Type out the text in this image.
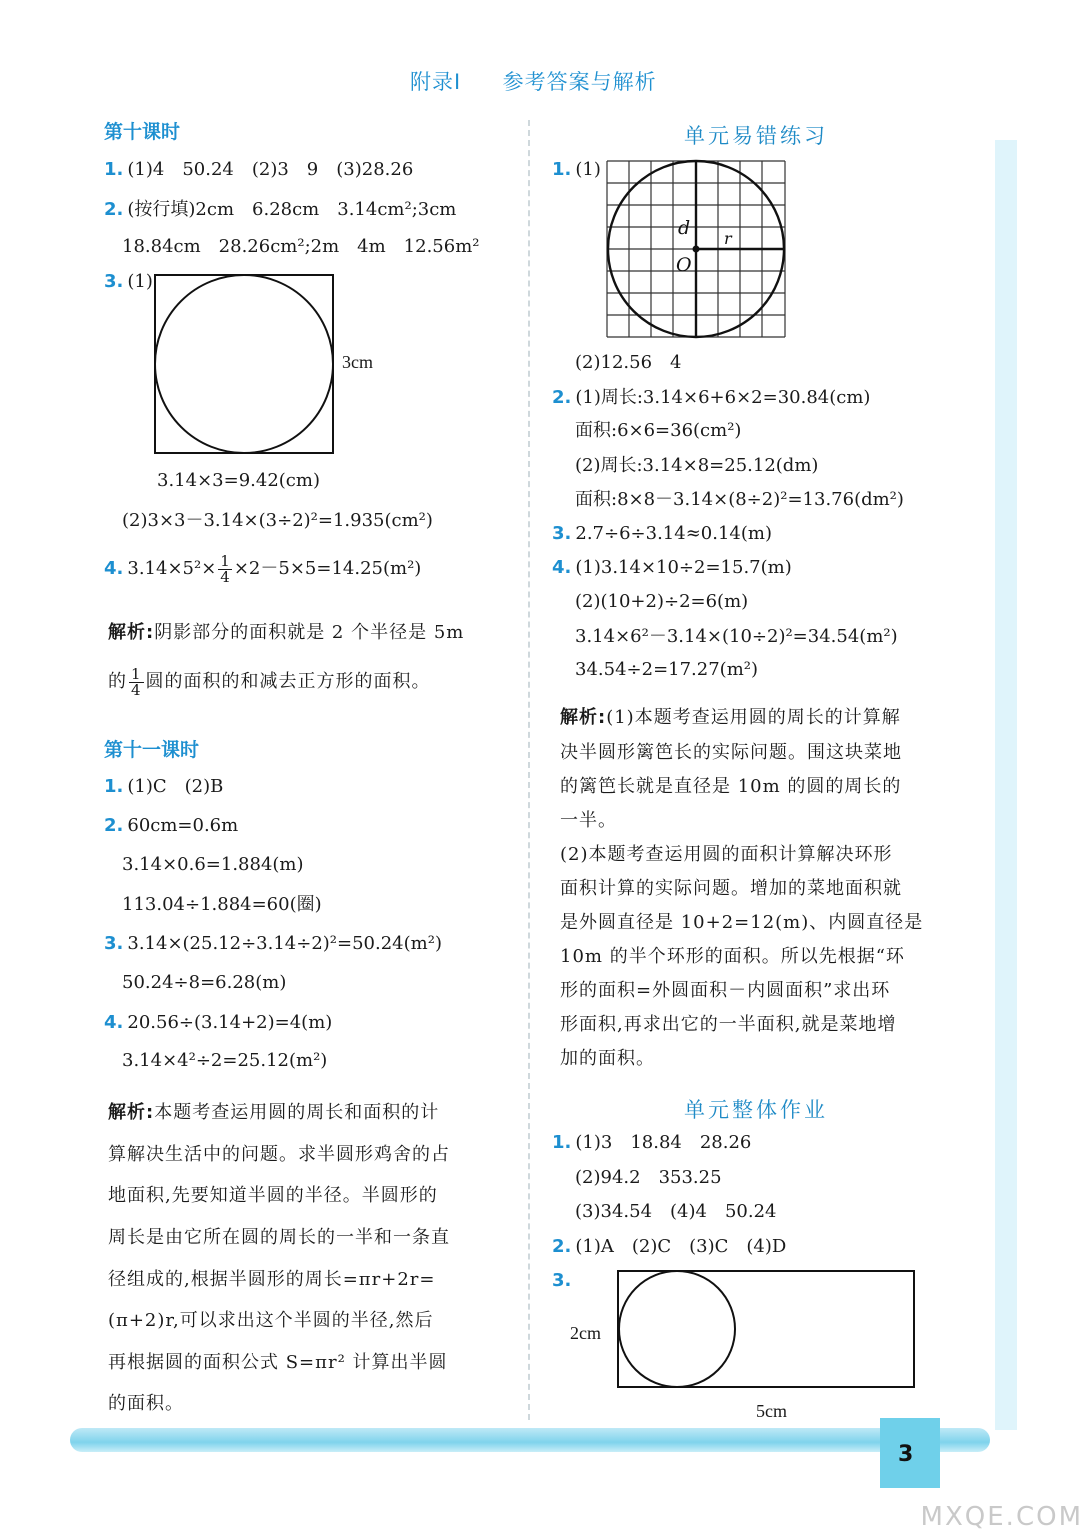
3
MXQE.COM
附录Ⅰ 参考答案与解析
第十课时
1. (1)4　50.24　(2)3　9　(3)28.26
2. (按行填)2cm　6.28cm　3.14cm²;3cm
18.84cm　28.26cm²;2m　4m　12.56m²
3. (1)
3cm
3.14×3=9.42(cm)
(2)3×3－3.14×(3÷2)²=1.935(cm²)
4. $3.14\times 5^2\times \frac{1}{4} \times 2-5\times 5=14.25(m^2)$
解析:阴影部分的面积就是 2 个半径是 5m
的 $\frac{1}{4}$ 圆的面积的和减去正方形的面积。
第十一课时
1. (1)C　(2)B
2. 60cm=0.6m
3.14×0.6=1.884(m)
113.04÷1.884=60(圈)
3. 3.14×(25.12÷3.14÷2)²=50.24(m²)
50.24÷8=6.28(m)
4. 20.56÷(3.14+2)=4(m)
3.14×4²÷2=25.12(m²)
解析:本题考查运用圆的周长和面积的计
算解决生活中的问题。求半圆形鸡舍的占
地面积,先要知道半圆的半径。半圆形的
周长是由它所在圆的周长的一半和一条直
径组成的,根据半圆形的周长=πr+2r=
(π+2)r,可以求出这个半圆的半径,然后
再根据圆的面积公式 S=πr² 计算出半圆
的面积。
单元易错练习
1. (1)
d r
O
(2)12.56　4
2. (1)周长:3.14×6+6×2=30.84(cm)
面积:6×6=36(cm²)
(2)周长:3.14×8=25.12(dm)
面积:8×8－3.14×(8÷2)²=13.76(dm²)
3. 2.7÷6÷3.14≈0.14(m)
4. (1)3.14×10÷2=15.7(m)
(2)(10+2)÷2=6(m)
3.14×6²－3.14×(10÷2)²=34.54(m²)
34.54÷2=17.27(m²)
解析:(1)本题考查运用圆的周长的计算解
决半圆形篱笆长的实际问题。围这块菜地
的篱笆长就是直径是 10m 的圆的周长的
一半。
(2)本题考查运用圆的面积计算解决环形
面积计算的实际问题。增加的菜地面积就
是外圆直径是 10+2=12(m)、内圆直径是
10m 的半个环形的面积。所以先根据“环
形的面积=外圆面积－内圆面积”求出环
形面积,再求出它的一半面积,就是菜地增
加的面积。
单元整体作业
1. (1)3　18.84　28.26
(2)94.2　353.25
(3)34.54　(4)4　50.24
2. (1)A　(2)C　(3)C　(4)D
3.
2cm
5cm
